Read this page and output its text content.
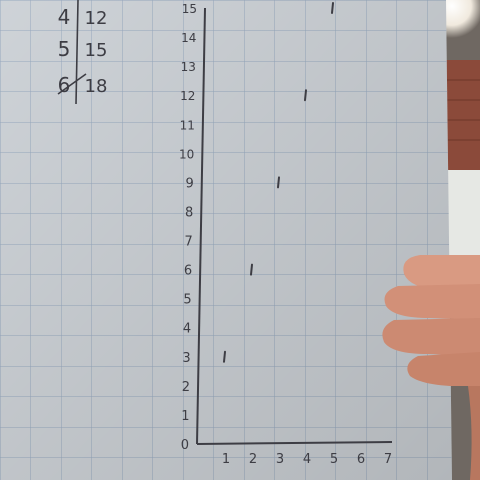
4 12
5 15
6 18
0
1
2
3
4
5
6
7
8
9
10
11
12
13
14
15
1 2 3 4 5 6 7
